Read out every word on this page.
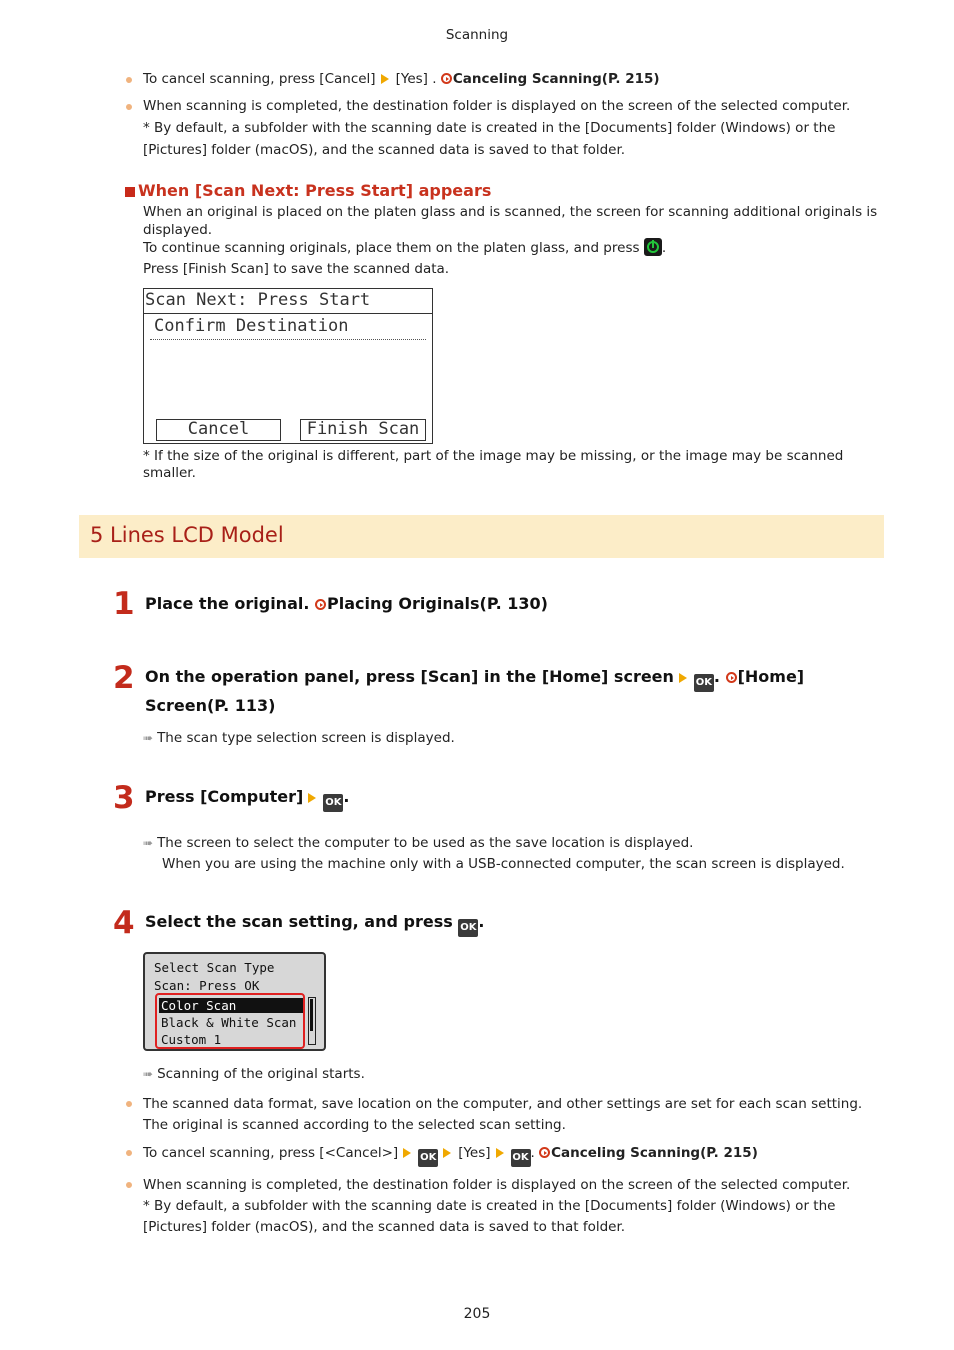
Scanning
To cancel scanning, press [Cancel] [Yes] . Canceling Scanning(P. 215)
When scanning is completed, the destination folder is displayed on the screen of the selected computer.
* By default, a subfolder with the scanning date is created in the [Documents] folder (Windows) or the
[Pictures] folder (macOS), and the scanned data is saved to that folder.
When [Scan Next: Press Start] appears
When an original is placed on the platen glass and is scanned, the screen for scanning additional originals is
displayed.
To continue scanning originals, place them on the platen glass, and press .
Press [Finish Scan] to save the scanned data.
Scan Next: Press Start
Confirm Destination
Cancel	Finish Scan
* If the size of the original is different, part of the image may be missing, or the image may be scanned
smaller.
5 Lines LCD Model
1 Place the original. Placing Originals(P. 130)
2 On the operation panel, press [Scan] in the [Home] screen OK . [Home]
Screen(P. 113)
➠ The scan type selection screen is displayed.
3 Press [Computer] OK .
➠ The screen to select the computer to be used as the save location is displayed.
When you are using the machine only with a USB-connected computer, the scan screen is displayed.
4 Select the scan setting, and press OK .
Select Scan Type
Scan: Press OK
Color Scan
Black & White Scan
Custom 1
➠ Scanning of the original starts.
The scanned data format, save location on the computer, and other settings are set for each scan setting.
The original is scanned according to the selected scan setting.
To cancel scanning, press [<Cancel>] OK [Yes] OK . Canceling Scanning(P. 215)
When scanning is completed, the destination folder is displayed on the screen of the selected computer.
* By default, a subfolder with the scanning date is created in the [Documents] folder (Windows) or the
[Pictures] folder (macOS), and the scanned data is saved to that folder.
205
